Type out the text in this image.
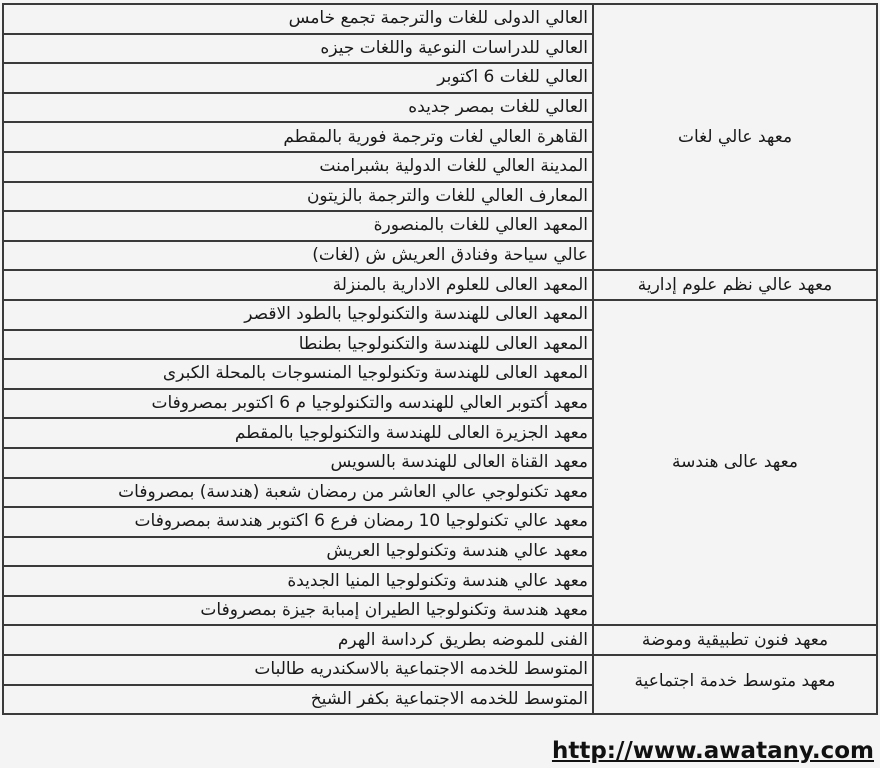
معهد عالي لغات	العالي الدولى للغات والترجمة تجمع خامس
	العالي للدراسات النوعية واللغات جيزه
	العالي للغات 6 اكتوبر
	العالي للغات بمصر جديده
	القاهرة العالي لغات وترجمة فورية بالمقطم
	المدينة العالي للغات الدولية بشبرامنت
	المعارف العالي للغات والترجمة بالزيتون
	المعهد العالي للغات بالمنصورة
	عالي سياحة وفنادق العريش ش (لغات)
معهد عالي نظم علوم إدارية	المعهد العالى للعلوم الادارية بالمنزلة
معهد عالى هندسة	المعهد العالى للهندسة والتكنولوجيا بالطود الاقصر
	المعهد العالى للهندسة والتكنولوجيا بطنطا
	المعهد العالى للهندسة وتكنولوجيا المنسوجات بالمحلة الكبرى
	معهد أكتوبر العالي للهندسه والتكنولوجيا م 6 اكتوبر بمصروفات
	معهد الجزيرة العالى للهندسة والتكنولوجيا بالمقطم
	معهد القناة العالى للهندسة بالسويس
	معهد تكنولوجي عالي العاشر من رمضان شعبة (هندسة) بمصروفات
	معهد عالي تكنولوجيا 10 رمضان فرع 6 اكتوبر هندسة بمصروفات
	معهد عالي هندسة وتكنولوجيا العريش
	معهد عالي هندسة وتكنولوجيا المنيا الجديدة
	معهد هندسة وتكنولوجيا الطيران إمبابة جيزة بمصروفات
معهد فنون تطبيقية وموضة	الفنى للموضه بطريق كرداسة الهرم
معهد متوسط خدمة اجتماعية	المتوسط للخدمه الاجتماعية بالاسكندريه طالبات
	المتوسط للخدمه الاجتماعية بكفر الشيخ
http://www.awatany.com
